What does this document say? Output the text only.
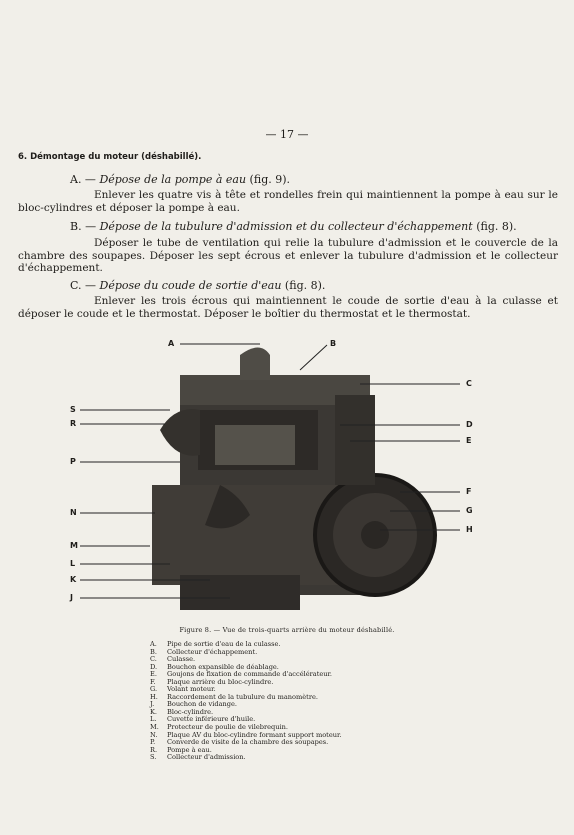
— 17 —
6. Démontage du moteur (déshabillé).
A. — Dépose de la pompe à eau (fig. 9).

Enlever les quatre vis à tête et rondelles frein qui maintiennent la pompe à eau sur le bloc-cylindres et déposer la pompe à eau.

B. — Dépose de la tubulure d'admission et du collecteur d'échappement (fig. 8).

Déposer le tube de ventilation qui relie la tubulure d'admission et le couvercle de la chambre des soupapes. Déposer les sept écrous et enlever la tubulure d'admission et le collecteur d'échappement.

C. — Dépose du coude de sortie d'eau (fig. 8).

Enlever les trois écrous qui maintiennent le coude de sortie d'eau à la culasse et déposer le coude et le thermostat. Déposer le boîtier du thermostat et le thermostat.

A	B
C
D
E
F
G
H
J
K
L
M
N
P
R
S
Figure 8. — Vue de trois-quarts arrière du moteur déshabillé.
A.	Pipe de sortie d'eau de la culasse.
B.	Collecteur d'échappement.
C.	Culasse.
D.	Bouchon expansible de déablage.
E.	Goujons de fixation de commande d'accélérateur.
F.	Plaque arrière du bloc-cylindre.
G.	Volant moteur.
H.	Raccordement de la tubulure du manomètre.
J.	Bouchon de vidange.
K.	Bloc-cylindre.
L.	Cuvette inférieure d'huile.
M.	Protecteur de poulie de vilebrequin.
N.	Plaque AV du bloc-cylindre formant support moteur.
P.	Converde de visite de la chambre des soupapes.
R.	Pompe à eau.
S.	Collecteur d'admission.
